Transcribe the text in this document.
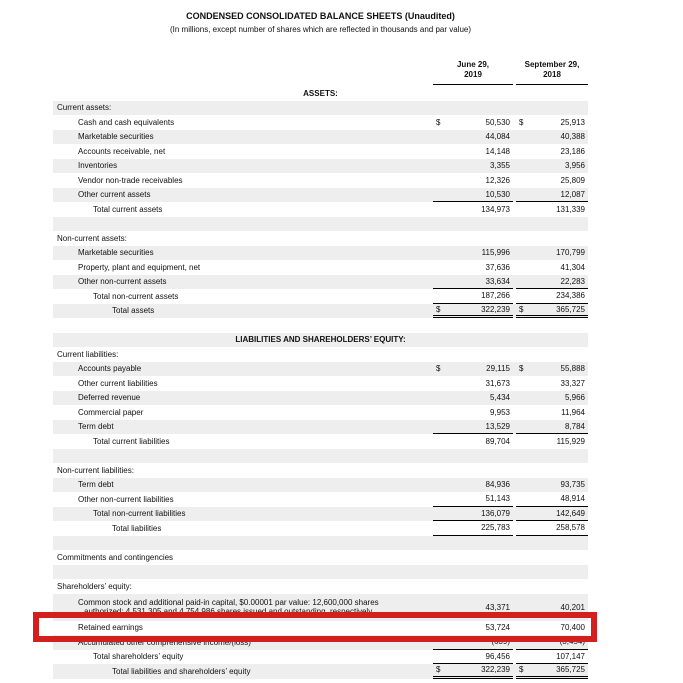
CONDENSED CONSOLIDATED BALANCE SHEETS (Unaudited)
(In millions, except number of shares which are reflected in thousands and par value)
June 29,
2019
September 29,
2018
ASSETS:
Current assets:
Cash and cash equivalents	$	50,530 $	25,913
Marketable securities	44,084	40,388
Accounts receivable, net	14,148	23,186
Inventories	3,355	3,956
Vendor non-trade receivables	12,326	25,809
Other current assets	10,530	12,087
Total current assets	134,973	131,339
Non-current assets:
Marketable securities	115,996	170,799
Property, plant and equipment, net	37,636	41,304
Other non-current assets	33,634	22,283
Total non-current assets	187,266	234,386
Total assets	$	322,239 $	365,725
LIABILITIES AND SHAREHOLDERS’ EQUITY:
Current liabilities:
Accounts payable	$	29,115 $	55,888
Other current liabilities	31,673	33,327
Deferred revenue	5,434	5,966
Commercial paper	9,953	11,964
Term debt	13,529	8,784
Total current liabilities	89,704	115,929
Non-current liabilities:
Term debt	84,936	93,735
Other non-current liabilities	51,143	48,914
Total non-current liabilities	136,079	142,649
Total liabilities	225,783	258,578
Commitments and contingencies
Shareholders’ equity:
Common stock and additional paid-in capital, $0.00001 par value: 12,600,000 shares
authorized; 4,531,305 and 4,754,986 shares issued and outstanding, respectively	43,371	40,201
Retained earnings	53,724	70,400
Accumulated other comprehensive income/(loss)	(639)	(3,454)
Total shareholders’ equity	96,456	107,147
Total liabilities and shareholders’ equity	$	322,239 $	365,725
